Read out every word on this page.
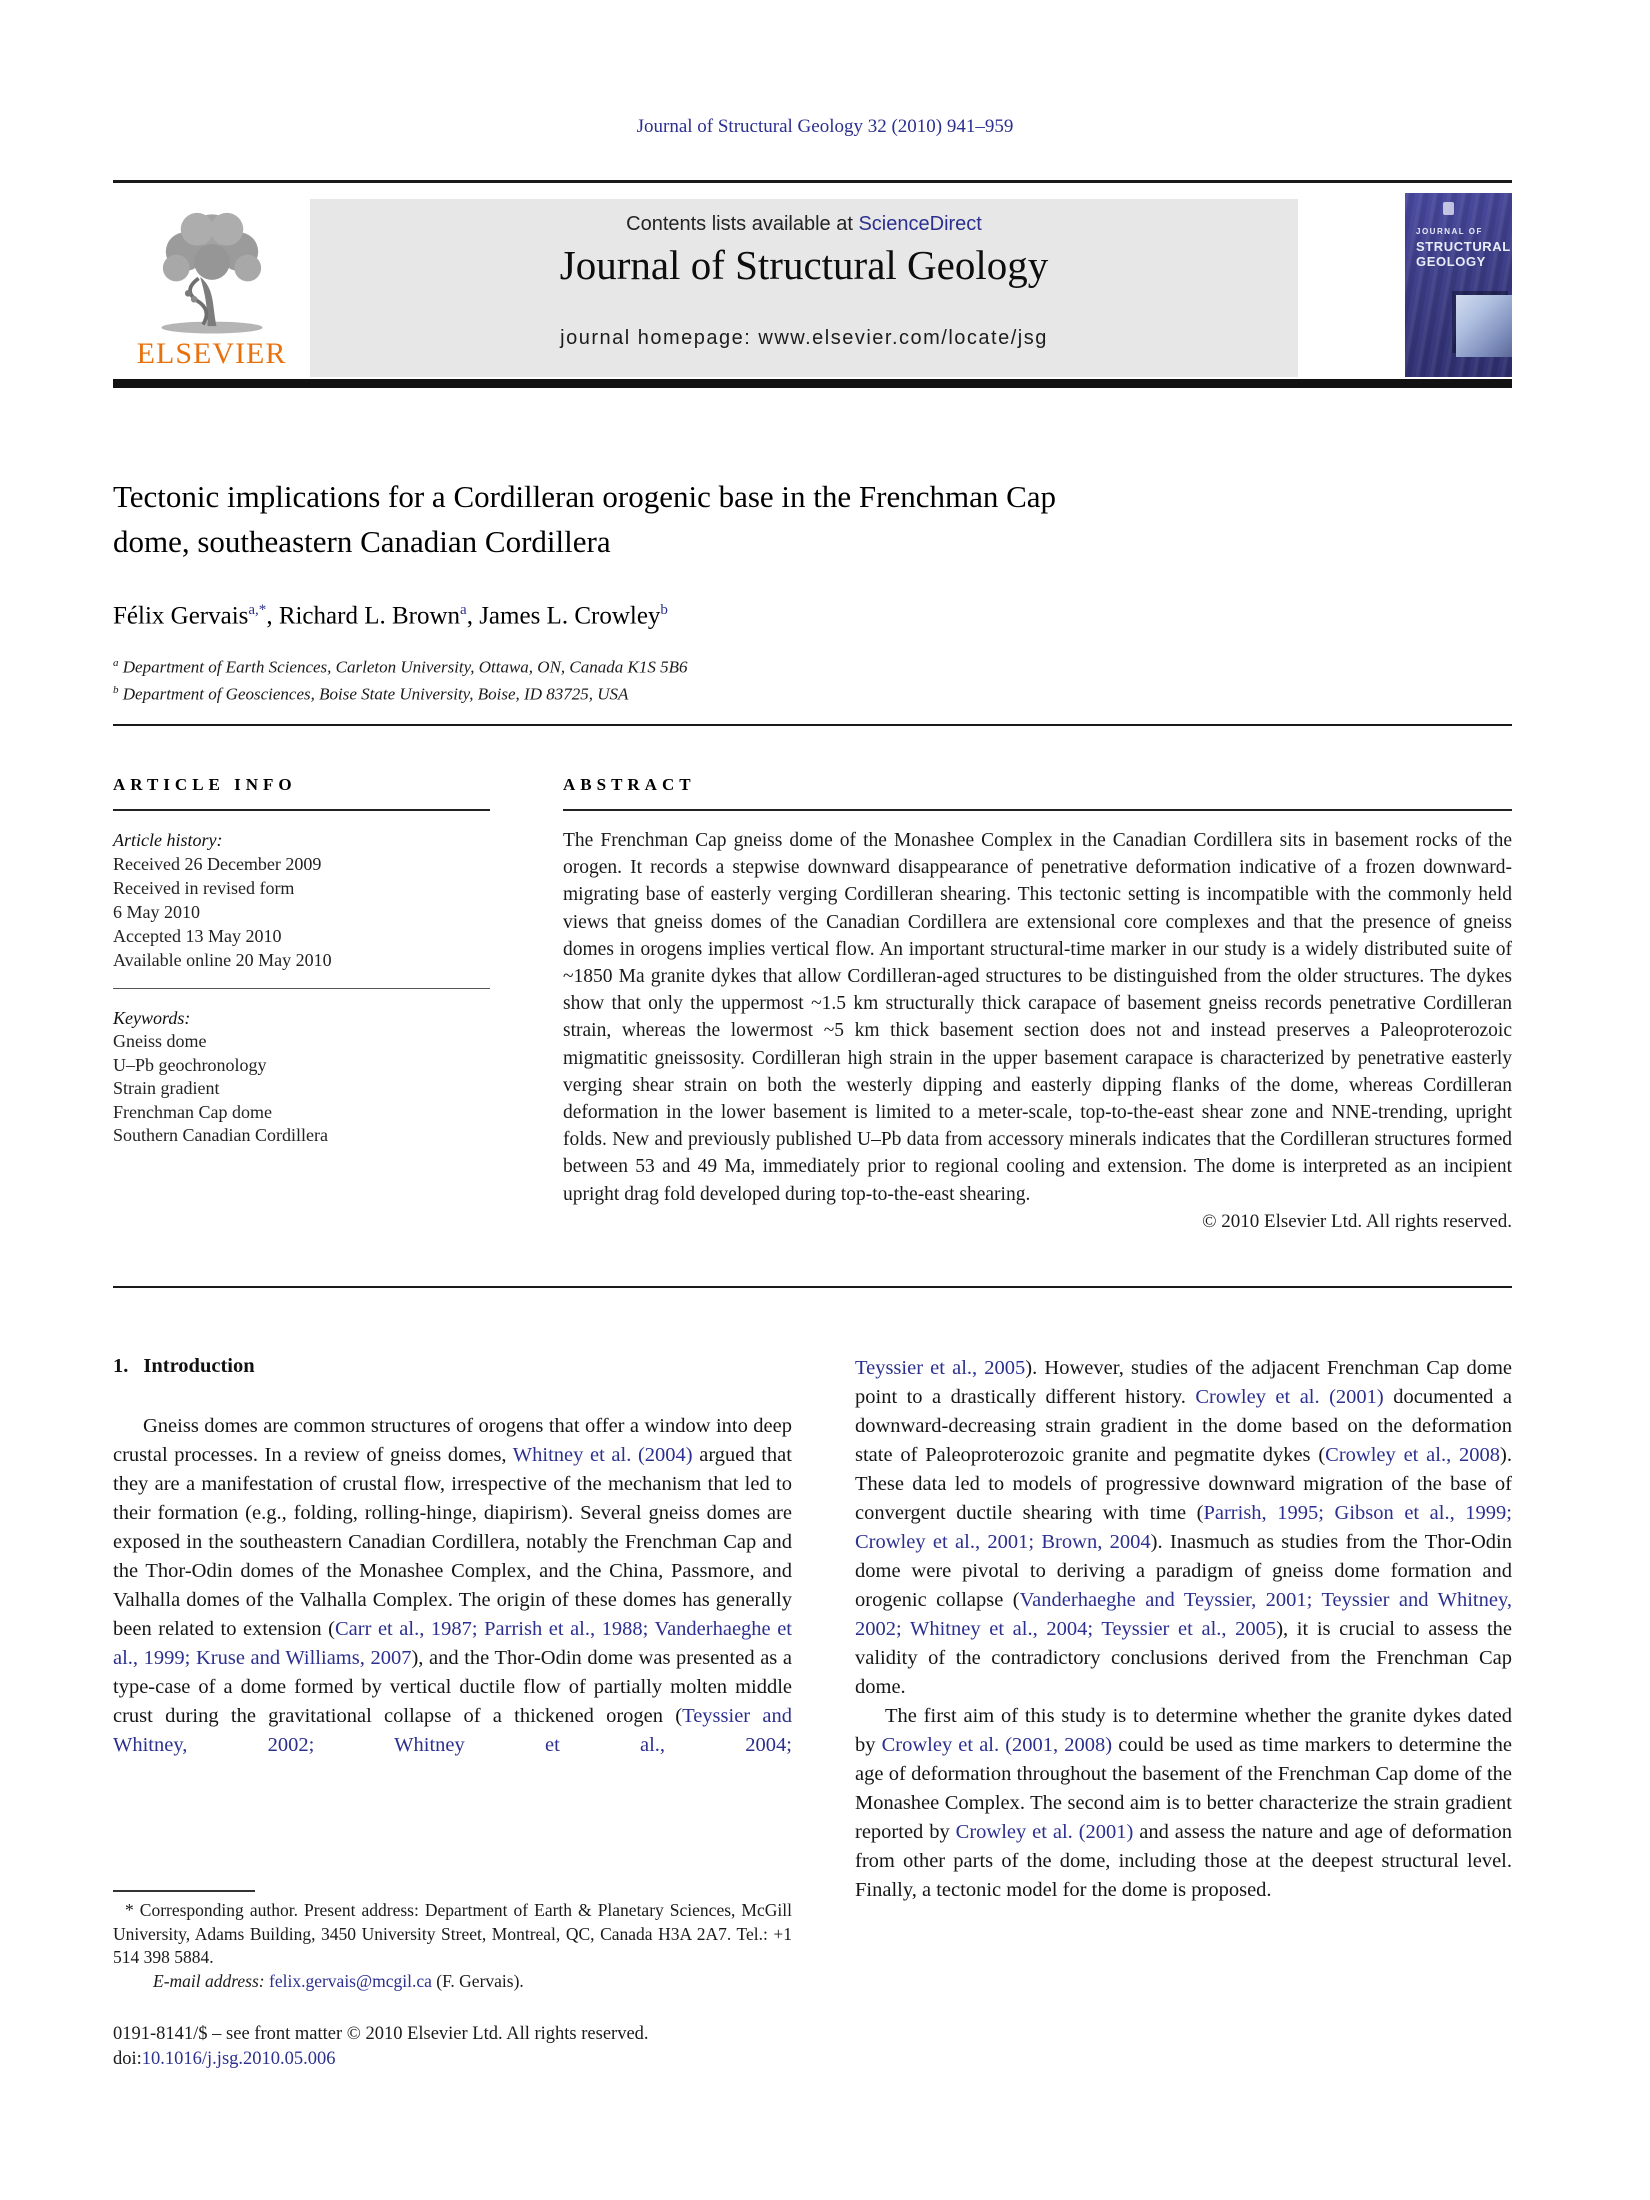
Journal of Structural Geology 32 (2010) 941–959
ELSEVIER
Contents lists available at ScienceDirect
Journal of Structural Geology
journal homepage: www.elsevier.com/locate/jsg
JOURNAL OF
STRUCTURAL
GEOLOGY
Tectonic implications for a Cordilleran orogenic base in the Frenchman Cap dome, southeastern Canadian Cordillera
Félix Gervais$^{a,*}$, Richard L. Brown$^a$, James L. Crowley$^b$
$^a$ Department of Earth Sciences, Carleton University, Ottawa, ON, Canada K1S 5B6
$^b$ Department of Geosciences, Boise State University, Boise, ID 83725, USA
ARTICLE INFO
Article history:
Received 26 December 2009
Received in revised form
6 May 2010
Accepted 13 May 2010
Available online 20 May 2010
Keywords:
Gneiss dome
U–Pb geochronology
Strain gradient
Frenchman Cap dome
Southern Canadian Cordillera
ABSTRACT

The Frenchman Cap gneiss dome of the Monashee Complex in the Canadian Cordillera sits in basement rocks of the orogen. It records a stepwise downward disappearance of penetrative deformation indicative of a frozen downward-migrating base of easterly verging Cordilleran shearing. This tectonic setting is incompatible with the commonly held views that gneiss domes of the Canadian Cordillera are extensional core complexes and that the presence of gneiss domes in orogens implies vertical flow. An important structural-time marker in our study is a widely distributed suite of ~1850 Ma granite dykes that allow Cordilleran-aged structures to be distinguished from the older structures. The dykes show that only the uppermost ~1.5 km structurally thick carapace of basement gneiss records penetrative Cordilleran strain, whereas the lowermost ~5 km thick basement section does not and instead preserves a Paleoproterozoic migmatitic gneissosity. Cordilleran high strain in the upper basement carapace is characterized by penetrative easterly verging shear strain on both the westerly dipping and easterly dipping flanks of the dome, whereas Cordilleran deformation in the lower basement is limited to a meter-scale, top-to-the-east shear zone and NNE-trending, upright folds. New and previously published U–Pb data from accessory minerals indicates that the Cordilleran structures formed between 53 and 49 Ma, immediately prior to regional cooling and extension. The dome is interpreted as an incipient upright drag fold developed during top-to-the-east shearing.

© 2010 Elsevier Ltd. All rights reserved.

1. Introduction

Gneiss domes are common structures of orogens that offer a window into deep crustal processes. In a review of gneiss domes, Whitney et al. (2004) argued that they are a manifestation of crustal flow, irrespective of the mechanism that led to their formation (e.g., folding, rolling-hinge, diapirism). Several gneiss domes are exposed in the southeastern Canadian Cordillera, notably the Frenchman Cap and the Thor-Odin domes of the Monashee Complex, and the China, Passmore, and Valhalla domes of the Valhalla Complex. The origin of these domes has generally been related to extension (Carr et al., 1987; Parrish et al., 1988; Vanderhaeghe et al., 1999; Kruse and Williams, 2007), and the Thor-Odin dome was presented as a type-case of a dome formed by vertical ductile flow of partially molten middle crust during the gravitational collapse of a thickened orogen (Teyssier and Whitney, 2002; Whitney et al., 2004;

Teyssier et al., 2005). However, studies of the adjacent Frenchman Cap dome point to a drastically different history. Crowley et al. (2001) documented a downward-decreasing strain gradient in the dome based on the deformation state of Paleoproterozoic granite and pegmatite dykes (Crowley et al., 2008). These data led to models of progressive downward migration of the base of convergent ductile shearing with time (Parrish, 1995; Gibson et al., 1999; Crowley et al., 2001; Brown, 2004). Inasmuch as studies from the Thor-Odin dome were pivotal to deriving a paradigm of gneiss dome formation and orogenic collapse (Vanderhaeghe and Teyssier, 2001; Teyssier and Whitney, 2002; Whitney et al., 2004; Teyssier et al., 2005), it is crucial to assess the validity of the contradictory conclusions derived from the Frenchman Cap dome.

The first aim of this study is to determine whether the granite dykes dated by Crowley et al. (2001, 2008) could be used as time markers to determine the age of deformation throughout the basement of the Frenchman Cap dome of the Monashee Complex. The second aim is to better characterize the strain gradient reported by Crowley et al. (2001) and assess the nature and age of deformation from other parts of the dome, including those at the deepest structural level. Finally, a tectonic model for the dome is proposed.

* Corresponding author. Present address: Department of Earth & Planetary Sciences, McGill University, Adams Building, 3450 University Street, Montreal, QC, Canada H3A 2A7. Tel.: +1 514 398 5884.

E-mail address: felix.gervais@mcgil.ca (F. Gervais).

0191-8141/$ – see front matter © 2010 Elsevier Ltd. All rights reserved.
doi:10.1016/j.jsg.2010.05.006
